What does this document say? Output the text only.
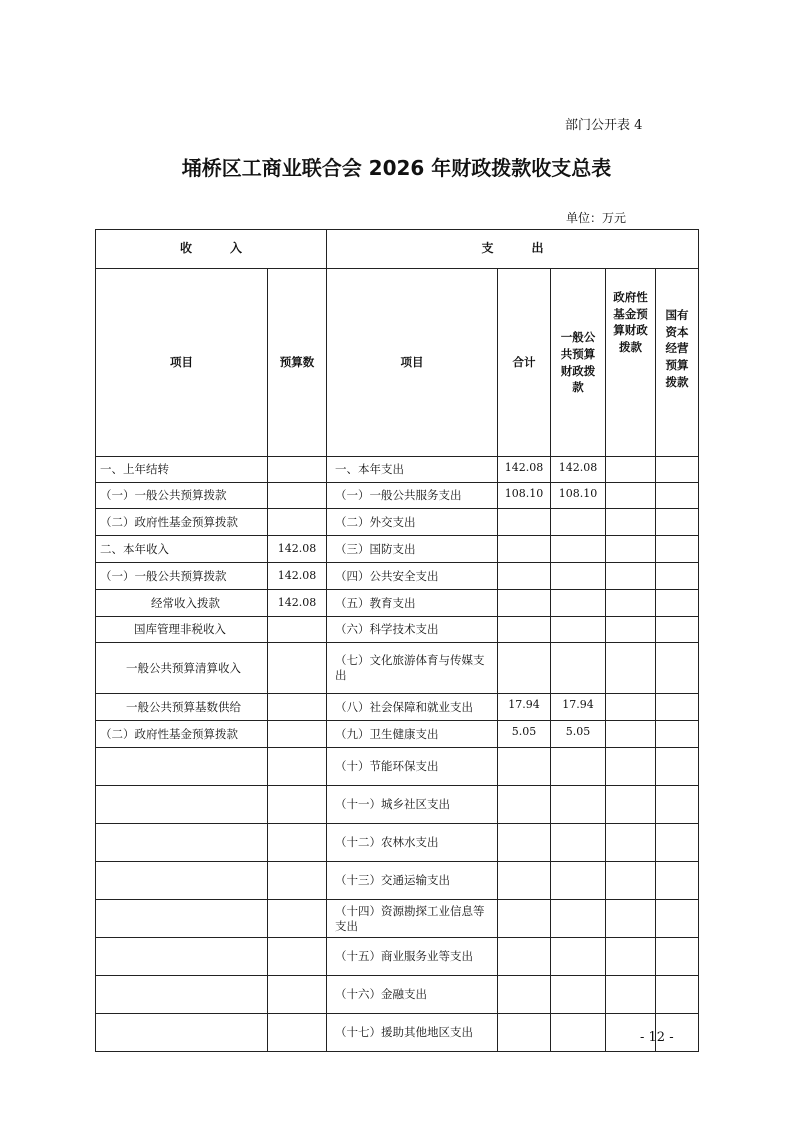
部门公开表 4
埇桥区工商业联合会 2026 年财政拨款收支总表
单位：万元
收入		支出				
项目	预算数	项目	合计	一般公共预算财政拨款	政府性基金预算财政拨款	国有资本经营预算拨款
一、上年结转		一、本年支出	142.08	142.08		
（一）一般公共预算拨款		（一）一般公共服务支出	108.10	108.10		
（二）政府性基金预算拨款		（二）外交支出				
二、本年收入	142.08	（三）国防支出				
（一）一般公共预算拨款	142.08	（四）公共安全支出				
经常收入拨款	142.08	（五）教育支出				
国库管理非税收入		（六）科学技术支出				
一般公共预算清算收入		（七）文化旅游体育与传媒支出				
一般公共预算基数供给		（八）社会保障和就业支出	17.94	17.94		
（二）政府性基金预算拨款		（九）卫生健康支出	5.05	5.05		
		（十）节能环保支出				
		（十一）城乡社区支出				
		（十二）农林水支出				
		（十三）交通运输支出				
		（十四）资源勘探工业信息等支出				
		（十五）商业服务业等支出				
		（十六）金融支出				
		（十七）援助其他地区支出					- 12 -
